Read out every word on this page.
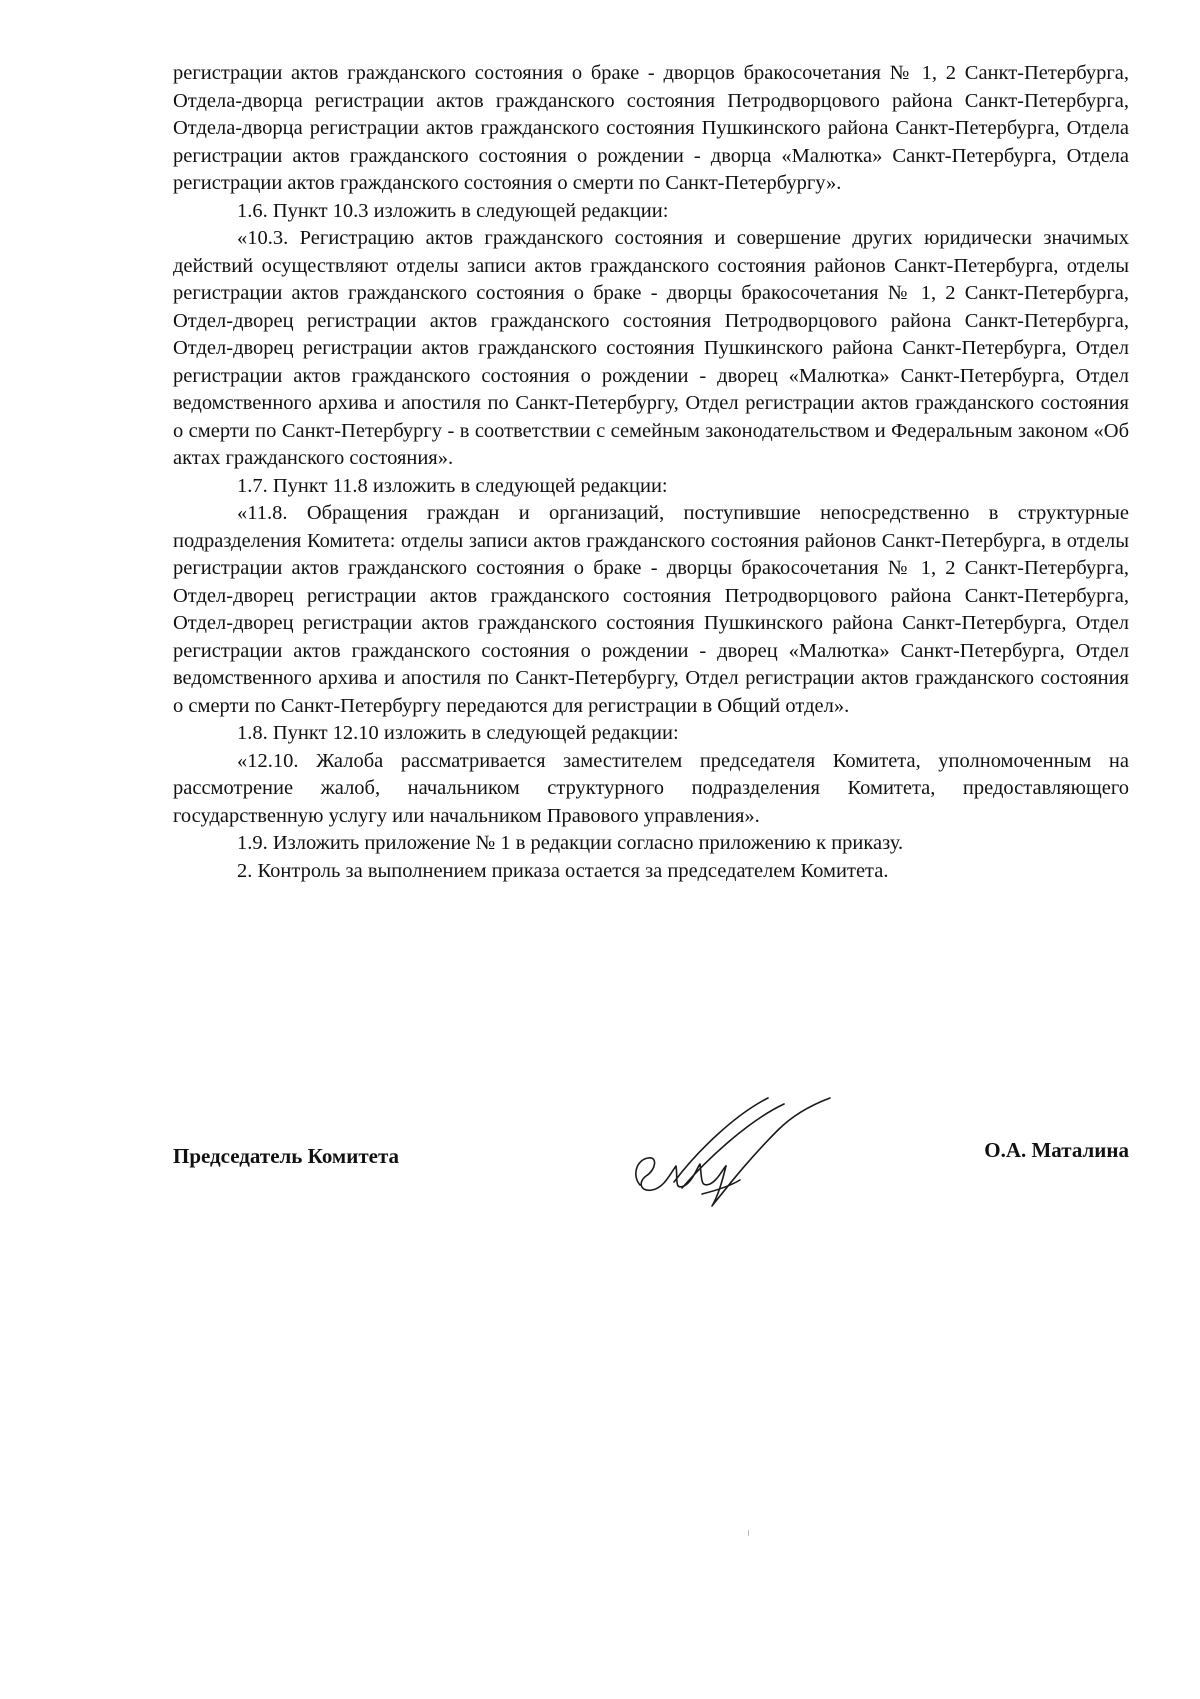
регистрации актов гражданского состояния о браке - дворцов бракосочетания № 1, 2 Санкт-Петербурга, Отдела-дворца регистрации актов гражданского состояния Петродворцового района Санкт-Петербурга, Отдела-дворца регистрации актов гражданского состояния Пушкинского района Санкт-Петербурга, Отдела регистрации актов гражданского состояния о рождении - дворца «Малютка» Санкт-Петербурга, Отдела регистрации актов гражданского состояния о смерти по Санкт-Петербургу».

1.6. Пункт 10.3 изложить в следующей редакции:

«10.3. Регистрацию актов гражданского состояния и совершение других юридически значимых действий осуществляют отделы записи актов гражданского состояния районов Санкт-Петербурга, отделы регистрации актов гражданского состояния о браке - дворцы бракосочетания № 1, 2 Санкт-Петербурга, Отдел-дворец регистрации актов гражданского состояния Петродворцового района Санкт-Петербурга, Отдел-дворец регистрации актов гражданского состояния Пушкинского района Санкт-Петербурга, Отдел регистрации актов гражданского состояния о рождении - дворец «Малютка» Санкт-Петербурга, Отдел ведомственного архива и апостиля по Санкт-Петербургу, Отдел регистрации актов гражданского состояния о смерти по Санкт-Петербургу - в соответствии с семейным законодательством и Федеральным законом «Об актах гражданского состояния».

1.7. Пункт 11.8 изложить в следующей редакции:

«11.8. Обращения граждан и организаций, поступившие непосредственно в структурные подразделения Комитета: отделы записи актов гражданского состояния районов Санкт-Петербурга, в отделы регистрации актов гражданского состояния о браке - дворцы бракосочетания № 1, 2 Санкт-Петербурга, Отдел-дворец регистрации актов гражданского состояния Петродворцового района Санкт-Петербурга, Отдел-дворец регистрации актов гражданского состояния Пушкинского района Санкт-Петербурга, Отдел регистрации актов гражданского состояния о рождении - дворец «Малютка» Санкт-Петербурга, Отдел ведомственного архива и апостиля по Санкт-Петербургу, Отдел регистрации актов гражданского состояния о смерти по Санкт-Петербургу передаются для регистрации в Общий отдел».

1.8. Пункт 12.10 изложить в следующей редакции:

«12.10. Жалоба рассматривается заместителем председателя Комитета, уполномоченным на рассмотрение жалоб, начальником структурного подразделения Комитета, предоставляющего государственную услугу или начальником Правового управления».

1.9. Изложить приложение № 1 в редакции согласно приложению к приказу.

2. Контроль за выполнением приказа остается за председателем Комитета.

Председатель Комитета	О.А. Маталина
